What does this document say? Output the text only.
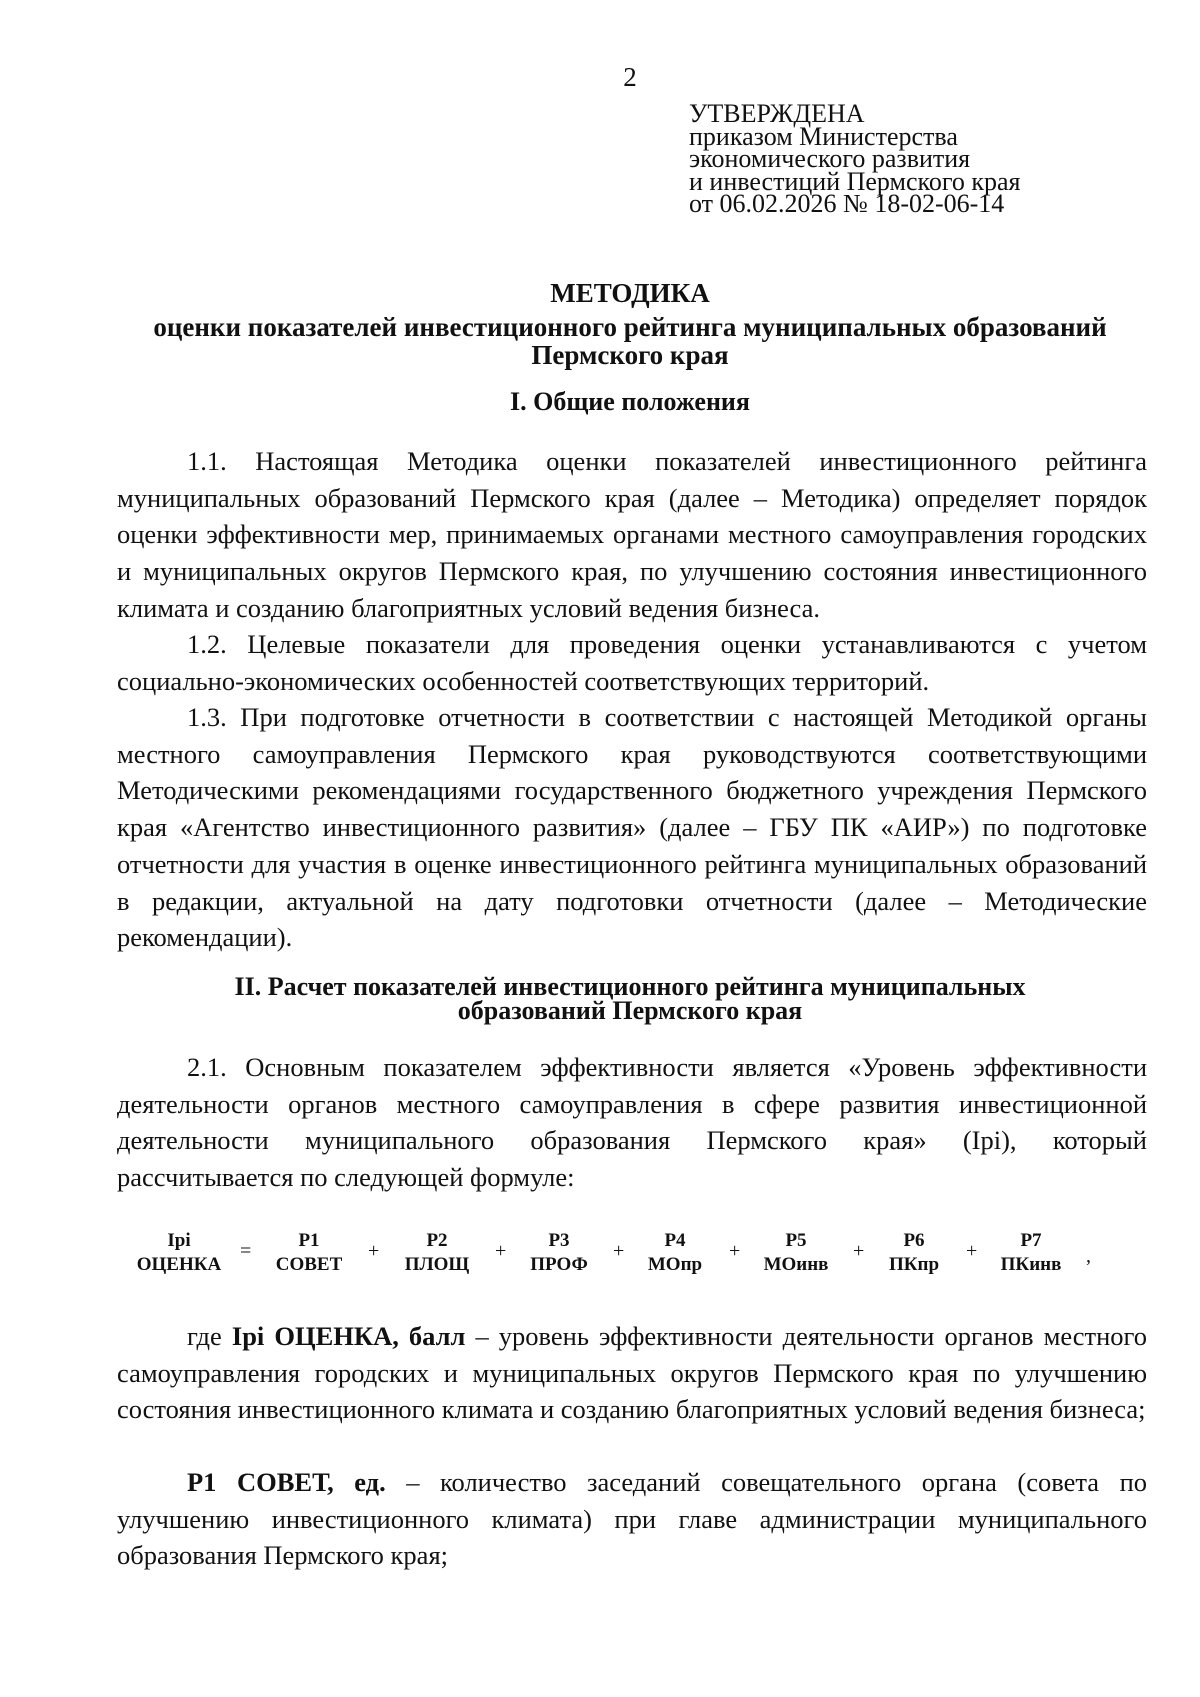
2
УТВЕРЖДЕНА
приказом Министерства
экономического развития
и инвестиций Пермского края
от 06.02.2026 № 18-02-06-14
МЕТОДИКА
оценки показателей инвестиционного рейтинга муниципальных образований Пермского края
I. Общие положения
1.1. Настоящая Методика оценки показателей инвестиционного рейтинга муниципальных образований Пермского края (далее – Методика) определяет порядок оценки эффективности мер, принимаемых органами местного самоуправления городских и муниципальных округов Пермского края, по улучшению состояния инвестиционного климата и созданию благоприятных условий ведения бизнеса.
1.2. Целевые показатели для проведения оценки устанавливаются с учетом социально-экономических особенностей соответствующих территорий.
1.3. При подготовке отчетности в соответствии с настоящей Методикой органы местного самоуправления Пермского края руководствуются соответствующими Методическими рекомендациями государственного бюджетного учреждения Пермского края «Агентство инвестиционного развития» (далее – ГБУ ПК «АИР») по подготовке отчетности для участия в оценке инвестиционного рейтинга муниципальных образований в редакции, актуальной на дату подготовки отчетности (далее – Методические рекомендации).
II. Расчет показателей инвестиционного рейтинга муниципальных
образований Пермского края
2.1. Основным показателем эффективности является «Уровень эффективности деятельности органов местного самоуправления в сфере развития инвестиционной деятельности муниципального образования Пермского края» (Ipi), который рассчитывается по следующей формуле:
Ipi
ОЦЕНКА
=	P1
СОВЕТ
+	P2
ПЛОЩ
+	P3
ПРОФ
+	P4
МОпр
+	P5
МОинв
+	P6
ПКпр
+	P7
ПКинв	,
где Ipi ОЦЕНКА, балл – уровень эффективности деятельности органов местного самоуправления городских и муниципальных округов Пермского края по улучшению состояния инвестиционного климата и созданию благоприятных условий ведения бизнеса;
P1 СОВЕТ, ед. – количество заседаний совещательного органа (совета по улучшению инвестиционного климата) при главе администрации муниципального образования Пермского края;
